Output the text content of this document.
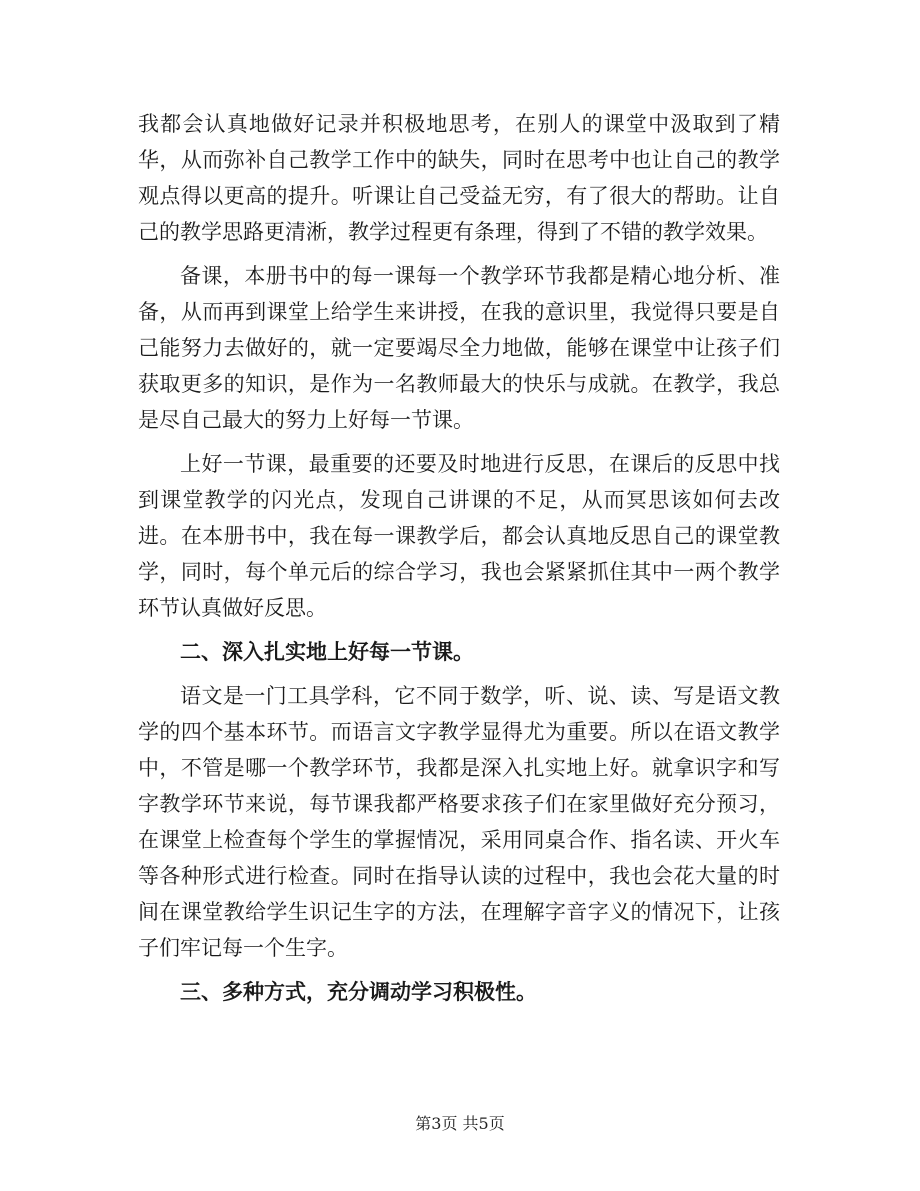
我都会认真地做好记录并积极地思考，在别人的课堂中汲取到了精华，从而弥补自己教学工作中的缺失，同时在思考中也让自己的教学观点得以更高的提升。听课让自己受益无穷，有了很大的帮助。让自己的教学思路更清淅，教学过程更有条理，得到了不错的教学效果。

备课，本册书中的每一课每一个教学环节我都是精心地分析、准备，从而再到课堂上给学生来讲授，在我的意识里，我觉得只要是自己能努力去做好的，就一定要竭尽全力地做，能够在课堂中让孩子们获取更多的知识，是作为一名教师最大的快乐与成就。在教学，我总是尽自己最大的努力上好每一节课。

上好一节课，最重要的还要及时地进行反思，在课后的反思中找到课堂教学的闪光点，发现自己讲课的不足，从而冥思该如何去改进。在本册书中，我在每一课教学后，都会认真地反思自己的课堂教学，同时，每个单元后的综合学习，我也会紧紧抓住其中一两个教学环节认真做好反思。

二、深入扎实地上好每一节课。

语文是一门工具学科，它不同于数学，听、说、读、写是语文教学的四个基本环节。而语言文字教学显得尤为重要。所以在语文教学中，不管是哪一个教学环节，我都是深入扎实地上好。就拿识字和写字教学环节来说，每节课我都严格要求孩子们在家里做好充分预习，在课堂上检查每个学生的掌握情况，采用同桌合作、指名读、开火车等各种形式进行检查。同时在指导认读的过程中，我也会花大量的时间在课堂教给学生识记生字的方法，在理解字音字义的情况下，让孩子们牢记每一个生字。

三、多种方式，充分调动学习积极性。

第3页 共5页
